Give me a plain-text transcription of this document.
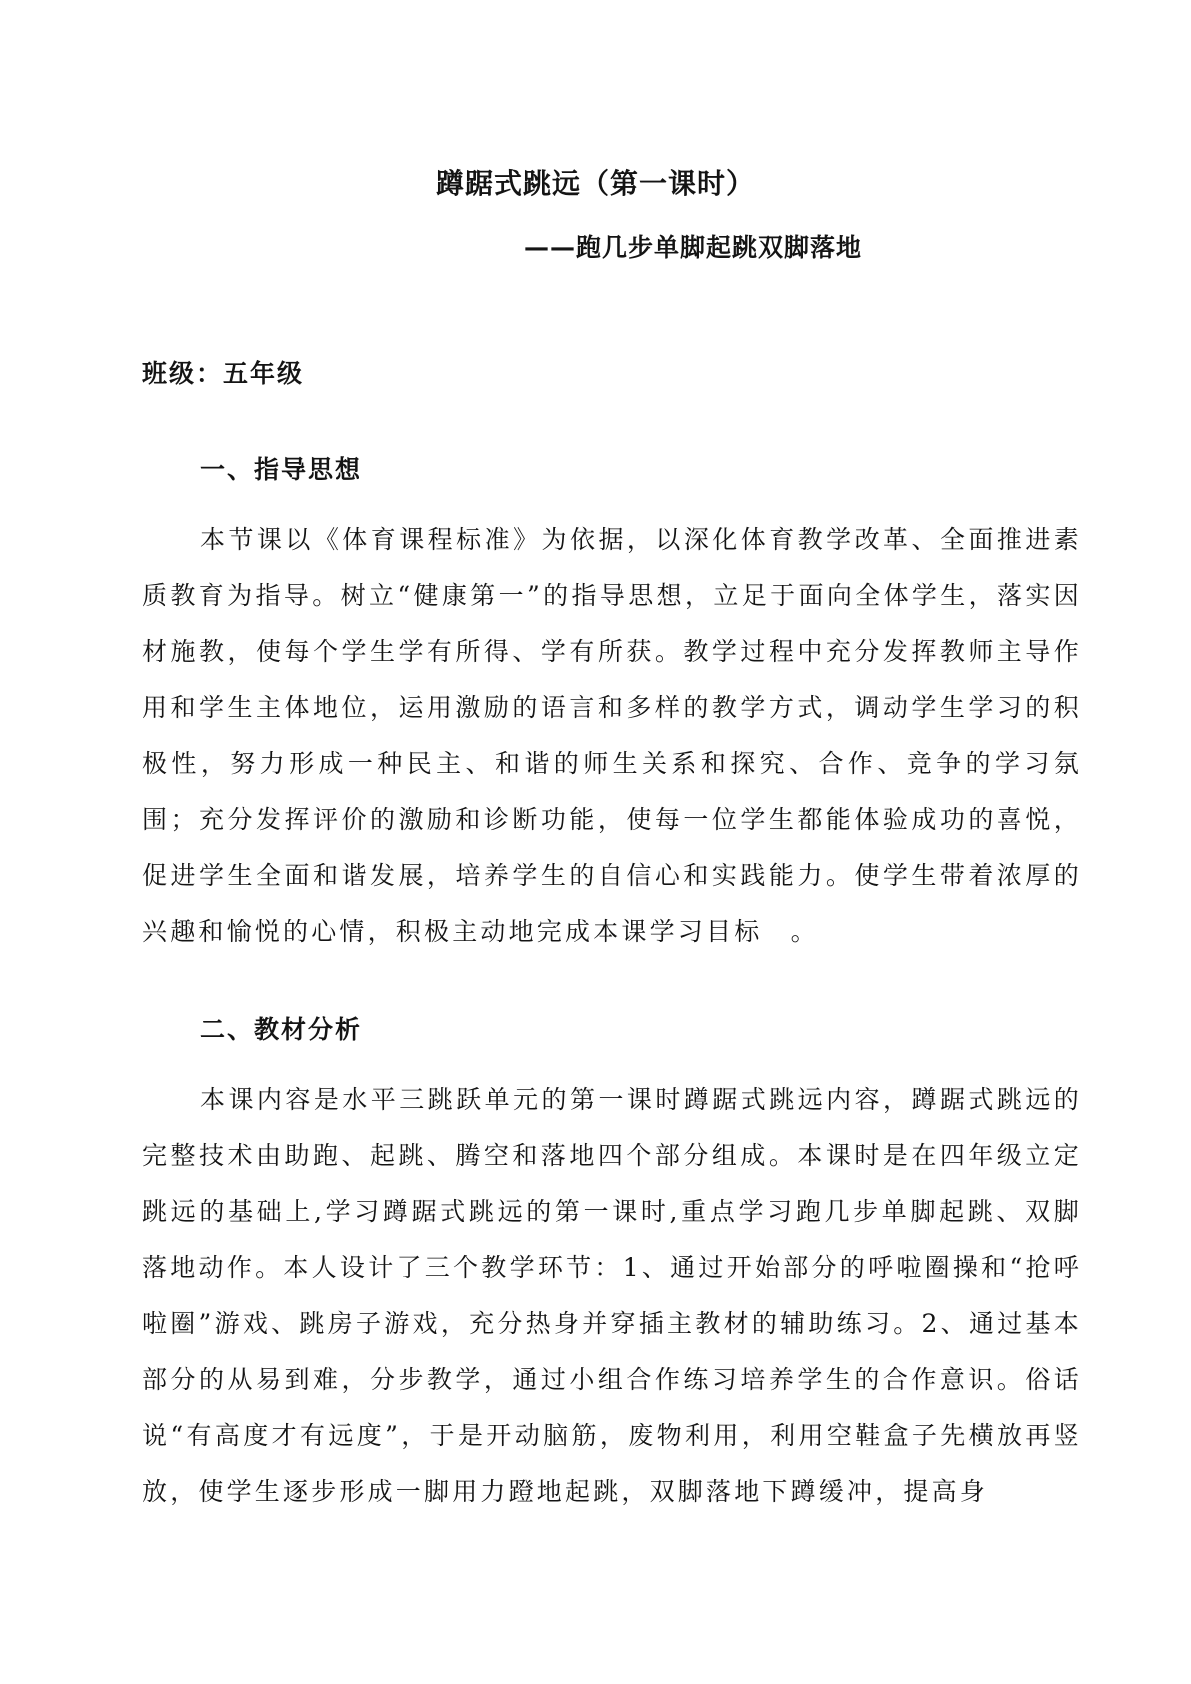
蹲踞式跳远（第一课时）
——跑几步单脚起跳双脚落地
班级：五年级
一、指导思想

本节课以《体育课程标准》为依据，以深化体育教学改革、全面推进素质教育为指导。树立“健康第一”的指导思想，立足于面向全体学生，落实因材施教，使每个学生学有所得、学有所获。教学过程中充分发挥教师主导作用和学生主体地位，运用激励的语言和多样的教学方式，调动学生学习的积极性，努力形成一种民主、和谐的师生关系和探究、合作、竞争的学习氛围；充分发挥评价的激励和诊断功能，使每一位学生都能体验成功的喜悦，促进学生全面和谐发展，培养学生的自信心和实践能力。使学生带着浓厚的兴趣和愉悦的心情，积极主动地完成本课学习目标　。

二、教材分析

本课内容是水平三跳跃单元的第一课时蹲踞式跳远内容，蹲踞式跳远的完整技术由助跑、起跳、腾空和落地四个部分组成。本课时是在四年级立定跳远的基础上,学习蹲踞式跳远的第一课时,重点学习跑几步单脚起跳、双脚落地动作。本人设计了三个教学环节：1、通过开始部分的呼啦圈操和“抢呼啦圈”游戏、跳房子游戏，充分热身并穿插主教材的辅助练习。2、通过基本部分的从易到难，分步教学，通过小组合作练习培养学生的合作意识。俗话说“有高度才有远度”，于是开动脑筋，废物利用，利用空鞋盒子先横放再竖放，使学生逐步形成一脚用力蹬地起跳，双脚落地下蹲缓冲，提高身
